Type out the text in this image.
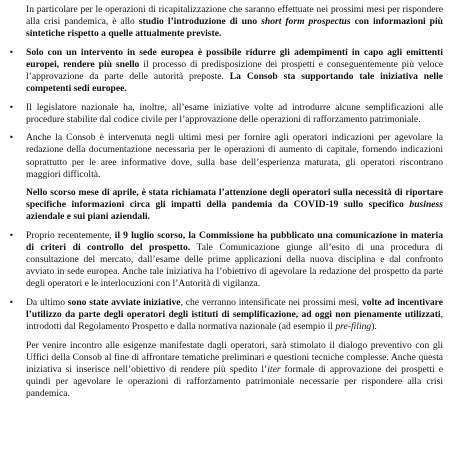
In particolare per le operazioni di ricapitalizzazione che saranno effettuate nei prossimi mesi per rispondere alla crisi pandemica, è allo studio l’introduzione di uno short form prospectus con informazioni più sintetiche rispetto a quelle attualmente previste.

• Solo con un intervento in sede europea è possibile ridurre gli adempimenti in capo agli emittenti europei, rendere più snello il processo di predisposizione dei prospetti e conseguentemente più veloce l’approvazione da parte delle autorità preposte. La Consob sta supportando tale iniziativa nelle competenti sedi europee.
• Il legislatore nazionale ha, inoltre, all’esame iniziative volte ad introdurre alcune semplificazioni alle procedure stabilite dal codice civile per l’approvazione delle operazioni di rafforzamento patrimoniale.
• Anche la Consob è intervenuta negli ultimi mesi per fornire agli operatori indicazioni per agevolare la redazione della documentazione necessaria per le operazioni di aumento di capitale, fornendo indicazioni soprattutto per le aree informative dove, sulla base dell’esperienza maturata, gli operatori riscontrano maggiori difficoltà.

Nello scorso mese di aprile, è stata richiamata l’attenzione degli operatori sulla necessità di riportare specifiche informazioni circa gli impatti della pandemia da COVID-19 sullo specifico business aziendale e sui piani aziendali.

• Proprio recentemente, il 9 luglio scorso, la Commissione ha pubblicato una comunicazione in materia di criteri di controllo del prospetto. Tale Comunicazione giunge all’esito di una procedura di consultazione del mercato, dall’esame delle prime applicazioni della nuova disciplina e dal confronto avviato in sede europea. Anche tale iniziativa ha l’obiettivo di agevolare la redazione del prospetto da parte degli operatori e le interlocuzioni con l’Autorità di vigilanza.
• Da ultimo sono state avviate iniziative, che verranno intensificate nei prossimi mesi, volte ad incentivare l’utilizzo da parte degli operatori degli istituti di semplificazione, ad oggi non pienamente utilizzati, introdotti dal Regolamento Prospetto e dalla normativa nazionale (ad esempio il pre-filing).

Per venire incontro alle esigenze manifestate dagli operatori, sarà stimolato il dialogo preventivo con gli Uffici della Consob al fine di affrontare tematiche preliminari e questioni tecniche complesse. Anche questa iniziativa si inserisce nell’obiettivo di rendere più spedito l’iter formale di approvazione dei prospetti e quindi per agevolare le operazioni di rafforzamento patrimoniale necessarie per rispondere alla crisi pandemica.
